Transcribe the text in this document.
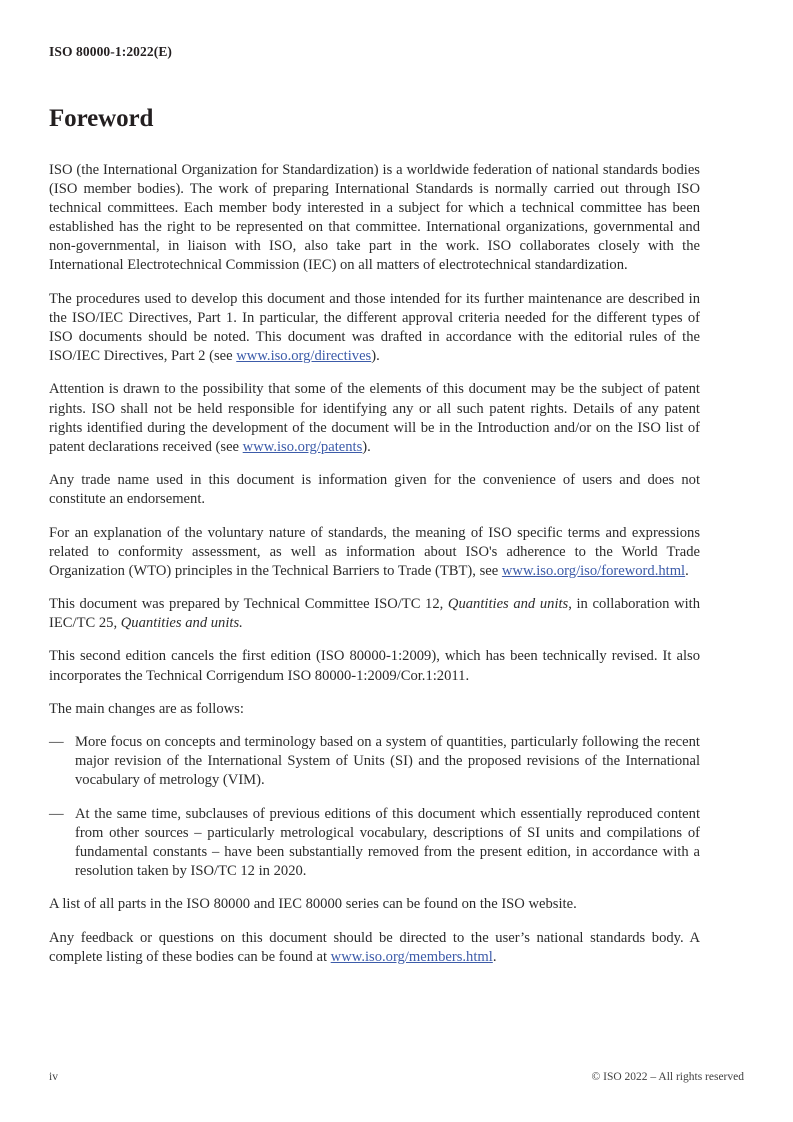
ISO 80000-1:2022(E)
Foreword

ISO (the International Organization for Standardization) is a worldwide federation of national standards bodies (ISO member bodies). The work of preparing International Standards is normally carried out through ISO technical committees. Each member body interested in a subject for which a technical committee has been established has the right to be represented on that committee. International organizations, governmental and non-governmental, in liaison with ISO, also take part in the work. ISO collaborates closely with the International Electrotechnical Commission (IEC) on all matters of electrotechnical standardization.

The procedures used to develop this document and those intended for its further maintenance are described in the ISO/IEC Directives, Part 1. In particular, the different approval criteria needed for the different types of ISO documents should be noted. This document was drafted in accordance with the editorial rules of the ISO/IEC Directives, Part 2 (see www.iso.org/directives).

Attention is drawn to the possibility that some of the elements of this document may be the subject of patent rights. ISO shall not be held responsible for identifying any or all such patent rights. Details of any patent rights identified during the development of the document will be in the Introduction and/or on the ISO list of patent declarations received (see www.iso.org/patents).

Any trade name used in this document is information given for the convenience of users and does not constitute an endorsement.

For an explanation of the voluntary nature of standards, the meaning of ISO specific terms and expressions related to conformity assessment, as well as information about ISO's adherence to the World Trade Organization (WTO) principles in the Technical Barriers to Trade (TBT), see www.iso.org/iso/foreword.html.

This document was prepared by Technical Committee ISO/TC 12, Quantities and units, in collaboration with IEC/TC 25, Quantities and units.

This second edition cancels the first edition (ISO 80000-1:2009), which has been technically revised. It also incorporates the Technical Corrigendum ISO 80000-1:2009/Cor.1:2011.

The main changes are as follows:

— More focus on concepts and terminology based on a system of quantities, particularly following the recent major revision of the International System of Units (SI) and the proposed revisions of the International vocabulary of metrology (VIM).
— At the same time, subclauses of previous editions of this document which essentially reproduced content from other sources – particularly metrological vocabulary, descriptions of SI units and compilations of fundamental constants – have been substantially removed from the present edition, in accordance with a resolution taken by ISO/TC 12 in 2020.

A list of all parts in the ISO 80000 and IEC 80000 series can be found on the ISO website.

Any feedback or questions on this document should be directed to the user’s national standards body. A complete listing of these bodies can be found at www.iso.org/members.html.

iv	© ISO 2022 – All rights reserved
